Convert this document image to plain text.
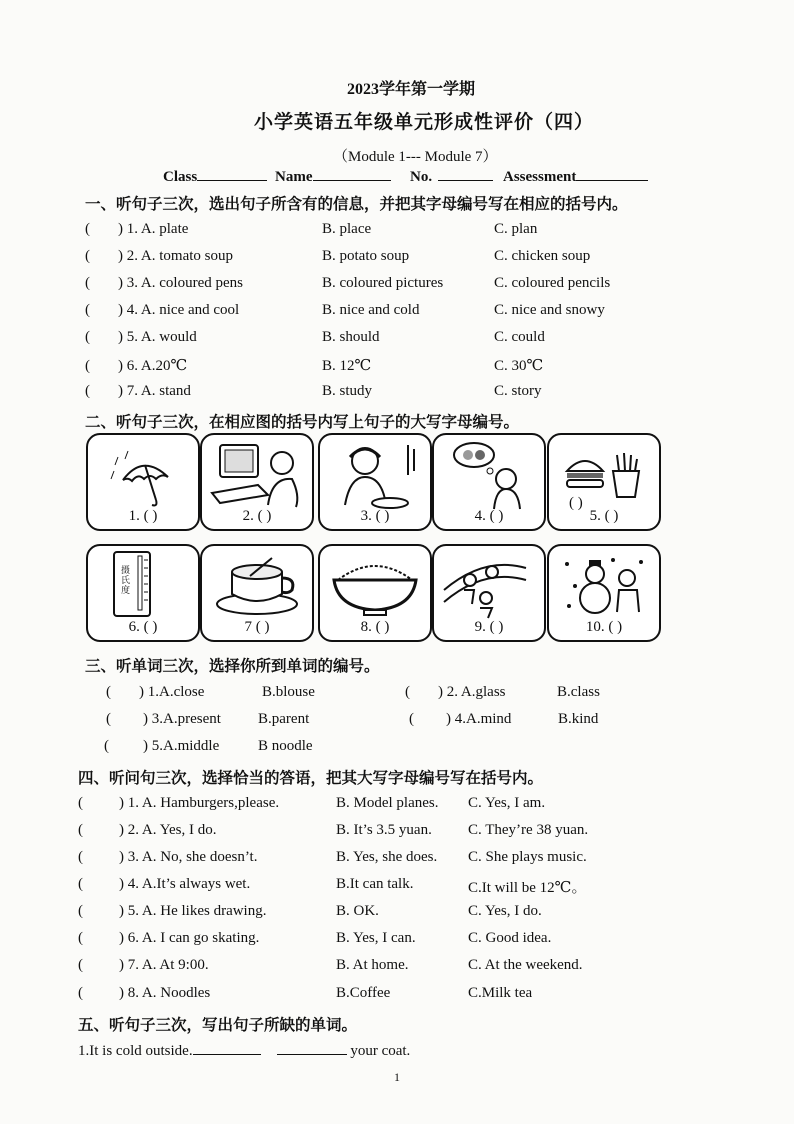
2023学年第一学期
小学英语五年级单元形成性评价（四）
（Module 1--- Module 7）
Class	Name	No.	Assessment
一、听句子三次，选出句子所含有的信息，并把其字母编号写在相应的括号内。
( ) 1. A. plate	B. place	C. plan
( ) 2. A. tomato soup	B. potato soup	C. chicken soup
( ) 3. A. coloured pens	B. coloured pictures	C. coloured pencils
( ) 4. A. nice and cool	B. nice and cold	C. nice and snowy
( ) 5. A. would	B. should	C. could
( ) 6. A.20℃	B. 12℃	C. 30℃
( ) 7. A. stand	B. study	C. story
二、听句子三次，在相应图的括号内写上句子的大写字母编号。
1. ( )	2. ( )	3. ( )	4. ( )
( )
5. ( )
摄氏度
6. ( )	7 ( )	8. ( )	9. ( )	10. ( )
三、听单词三次，选择你所到单词的编号。
( ) 1.A.close	B.blouse	( ) 2. A.glass	B.class
( ) 3.A.present B.parent	( ) 4.A.mind	B.kind
( ) 5.A.middle	B noodle
四、听问句三次，选择恰当的答语，把其大写字母编号写在括号内。
( ) 1. A. Hamburgers,please.	B. Model planes. C. Yes, I am.
( ) 2. A. Yes, I do.	B. It’s 3.5 yuan. C. They’re 38 yuan.
( ) 3. A. No, she doesn’t.	B. Yes, she does. C. She plays music.
( ) 4. A.It’s always wet.	B.It can talk.	C.It will be 12℃。
( ) 5. A. He likes drawing.	B. OK.	C. Yes, I do.
( ) 6. A. I can go skating.	B. Yes, I can.	C. Good idea.
( ) 7. A. At 9:00.	B. At home.	C. At the weekend.
( ) 8. A. Noodles	B.Coffee	C.Milk tea
五、听句子三次，写出句子所缺的单词。
1.It is cold outside.	your coat.
1
